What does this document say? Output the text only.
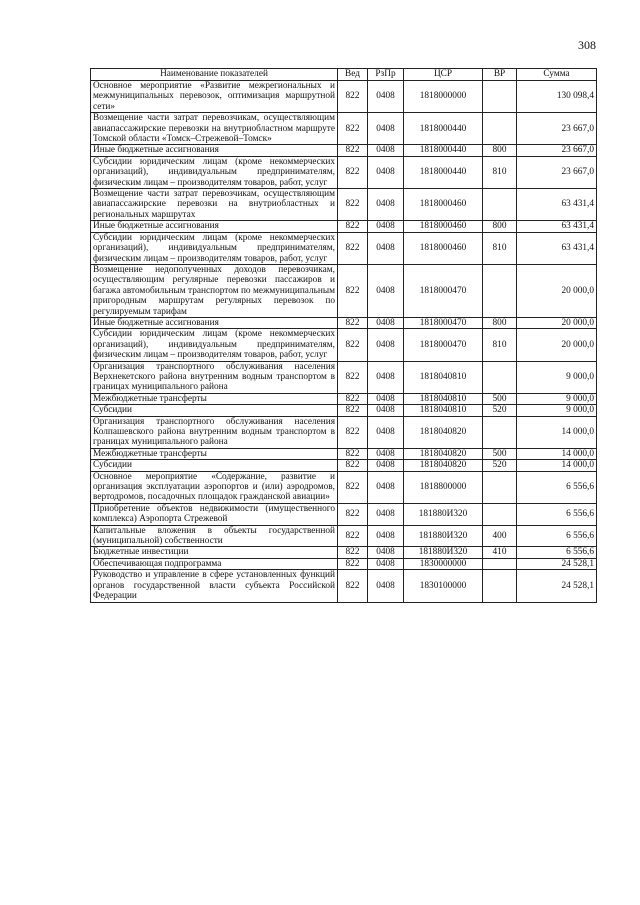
308
Наименование показателей	Вед	РзПр	ЦСР	ВР	Сумма
Основное мероприятие «Развитие межрегиональных и межмуниципальных перевозок, оптимизация маршрутной сети»	822	0408	1818000000		130 098,4
Возмещение части затрат перевозчикам, осуществляющим авиапассажирские перевозки на внутриобластном маршруте Томской области «Томск–Стрежевой–Томск»	822	0408	1818000440		23 667,0
Иные бюджетные ассигнования	822	0408	1818000440	800	23 667,0
Субсидии юридическим лицам (кроме некоммерческих организаций), индивидуальным предпринимателям, физическим лицам – производителям товаров, работ, услуг	822	0408	1818000440	810	23 667,0
Возмещение части затрат перевозчикам, осуществляющим авиапассажирские перевозки на внутриобластных и региональных маршрутах	822	0408	1818000460		63 431,4
Иные бюджетные ассигнования	822	0408	1818000460	800	63 431,4
Субсидии юридическим лицам (кроме некоммерческих организаций), индивидуальным предпринимателям, физическим лицам – производителям товаров, работ, услуг	822	0408	1818000460	810	63 431,4
Возмещение недополученных доходов перевозчикам, осуществляющим регулярные перевозки пассажиров и багажа автомобильным транспортом по межмуниципальным пригородным маршрутам регулярных перевозок по регулируемым тарифам	822	0408	1818000470		20 000,0
Иные бюджетные ассигнования	822	0408	1818000470	800	20 000,0
Субсидии юридическим лицам (кроме некоммерческих организаций), индивидуальным предпринимателям, физическим лицам – производителям товаров, работ, услуг	822	0408	1818000470	810	20 000,0
Организация транспортного обслуживания населения Верхнекетского района внутренним водным транспортом в границах муниципального района	822	0408	1818040810		9 000,0
Межбюджетные трансферты	822	0408	1818040810	500	9 000,0
Субсидии	822	0408	1818040810	520	9 000,0
Организация транспортного обслуживания населения Колпашевского района внутренним водным транспортом в границах муниципального района	822	0408	1818040820		14 000,0
Межбюджетные трансферты	822	0408	1818040820	500	14 000,0
Субсидии	822	0408	1818040820	520	14 000,0
Основное мероприятие «Содержание, развитие и организация эксплуатации аэропортов и (или) аэродромов, вертодромов, посадочных площадок гражданской авиации»	822	0408	1818800000		6 556,6
Приобретение объектов недвижимости (имущественного комплекса) Аэропорта Стрежевой	822	0408	181880И320		6 556,6
Капитальные вложения в объекты государственной (муниципальной) собственности	822	0408	181880И320	400	6 556,6
Бюджетные инвестиции	822	0408	181880И320	410	6 556,6
Обеспечивающая подпрограмма	822	0408	1830000000		24 528,1
Руководство и управление в сфере установленных функций органов государственной власти субъекта Российской Федерации	822	0408	1830100000		24 528,1
